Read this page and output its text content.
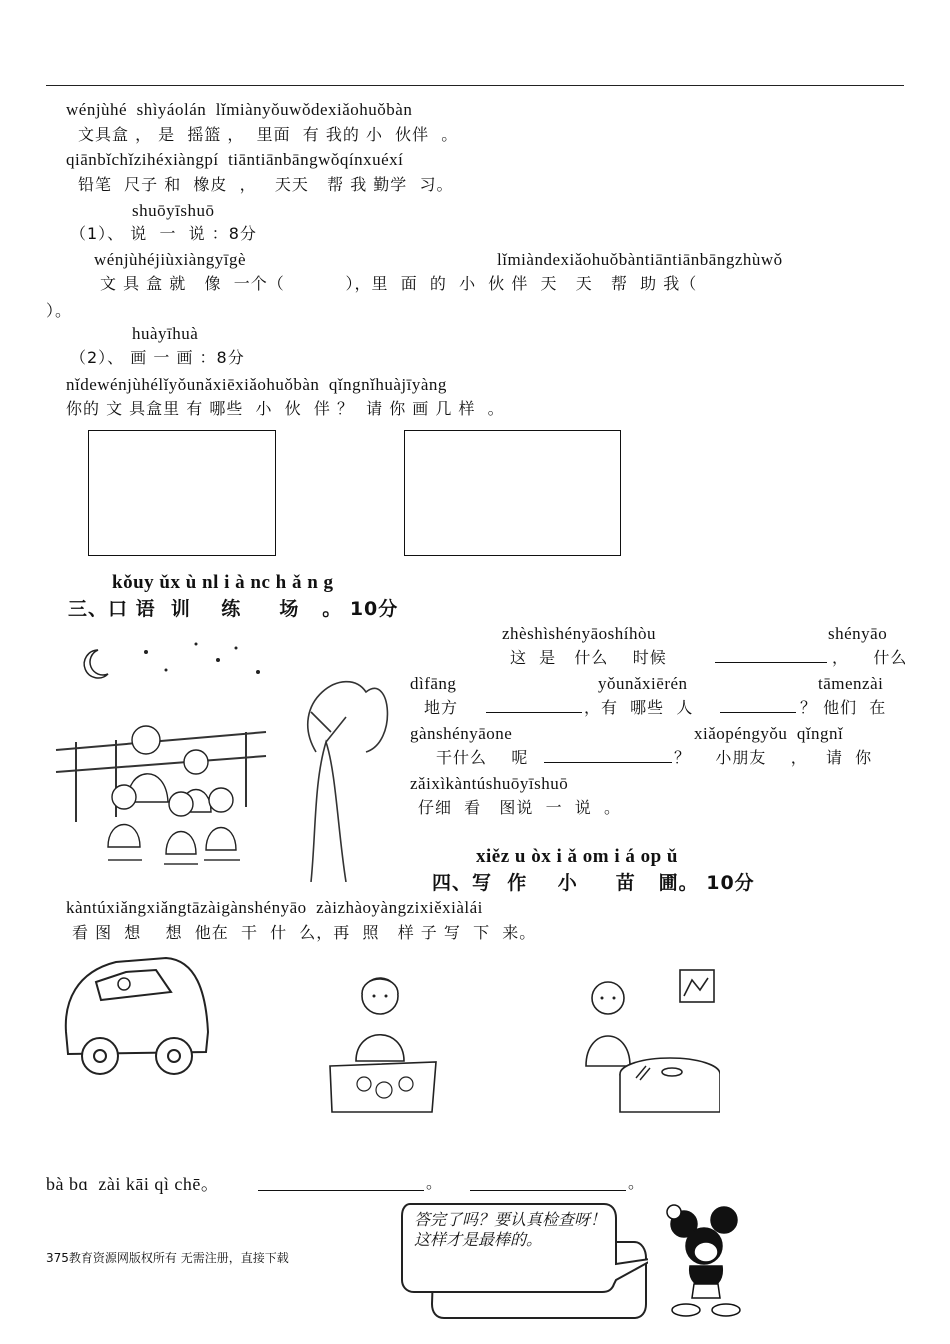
wénjùhé  shìyáolán  lǐmiànyǒuwǒdexiǎohuǒbàn
文具盒 ， 是  摇篮 ，  里面  有 我的 小  伙伴  。
qiānbǐchǐzihéxiàngpí  tiāntiānbāngwǒqínxuéxí
铅笔  尺子 和  橡皮  ，   天天   帮 我 勤学  习。
shuōyīshuō
（1）、 说  一  说 ：8分
wénjùhéjiùxiàngyīgè	lǐmiàndexiǎohuǒbàntiāntiānbāngzhùwǒ
文 具 盒 就   像  一个（          ），里  面  的  小  伙 伴  天   天   帮  助 我（
）。
huàyīhuà
（2）、 画 一 画 ：8分
nǐdewénjùhélǐyǒunǎxiēxiǎohuǒbàn  qǐngnǐhuàjīyàng
你的 文 具盒里 有 哪些  小  伙  伴 ？  请 你 画 几 样  。
kǒuy ǔx ù nl i à nc h ǎ n g
三、口 语  训    练     场   。 10分
zhèshìshényāoshíhòu	shényāo
这  是   什么    时候	，    什么
dìfāng	yǒunǎxiērén	tāmenzài
地方	，有  哪些  人	？ 他们  在
gànshényāone	xiǎopéngyǒu  qǐngnǐ
干什么    呢	？    小朋友    ，   请  你
zǎixìkàntúshuōyīshuō
仔细  看   图说  一  说  。
xiěz u òx i ǎ om i á op ǔ
四、写  作    小     苗   圃。 10分
kàntúxiǎngxiǎngtāzàigànshényāo  zàizhàoyàngzixiěxiàlái
看 图  想    想  他在  干  什  么，再  照   样 子 写  下  来。
bà bɑ  zài kāi qì chē。	。	。
答完了吗？要认真检查呀！这样才是最棒的。
375教育资源网版权所有 无需注册，直接下载
